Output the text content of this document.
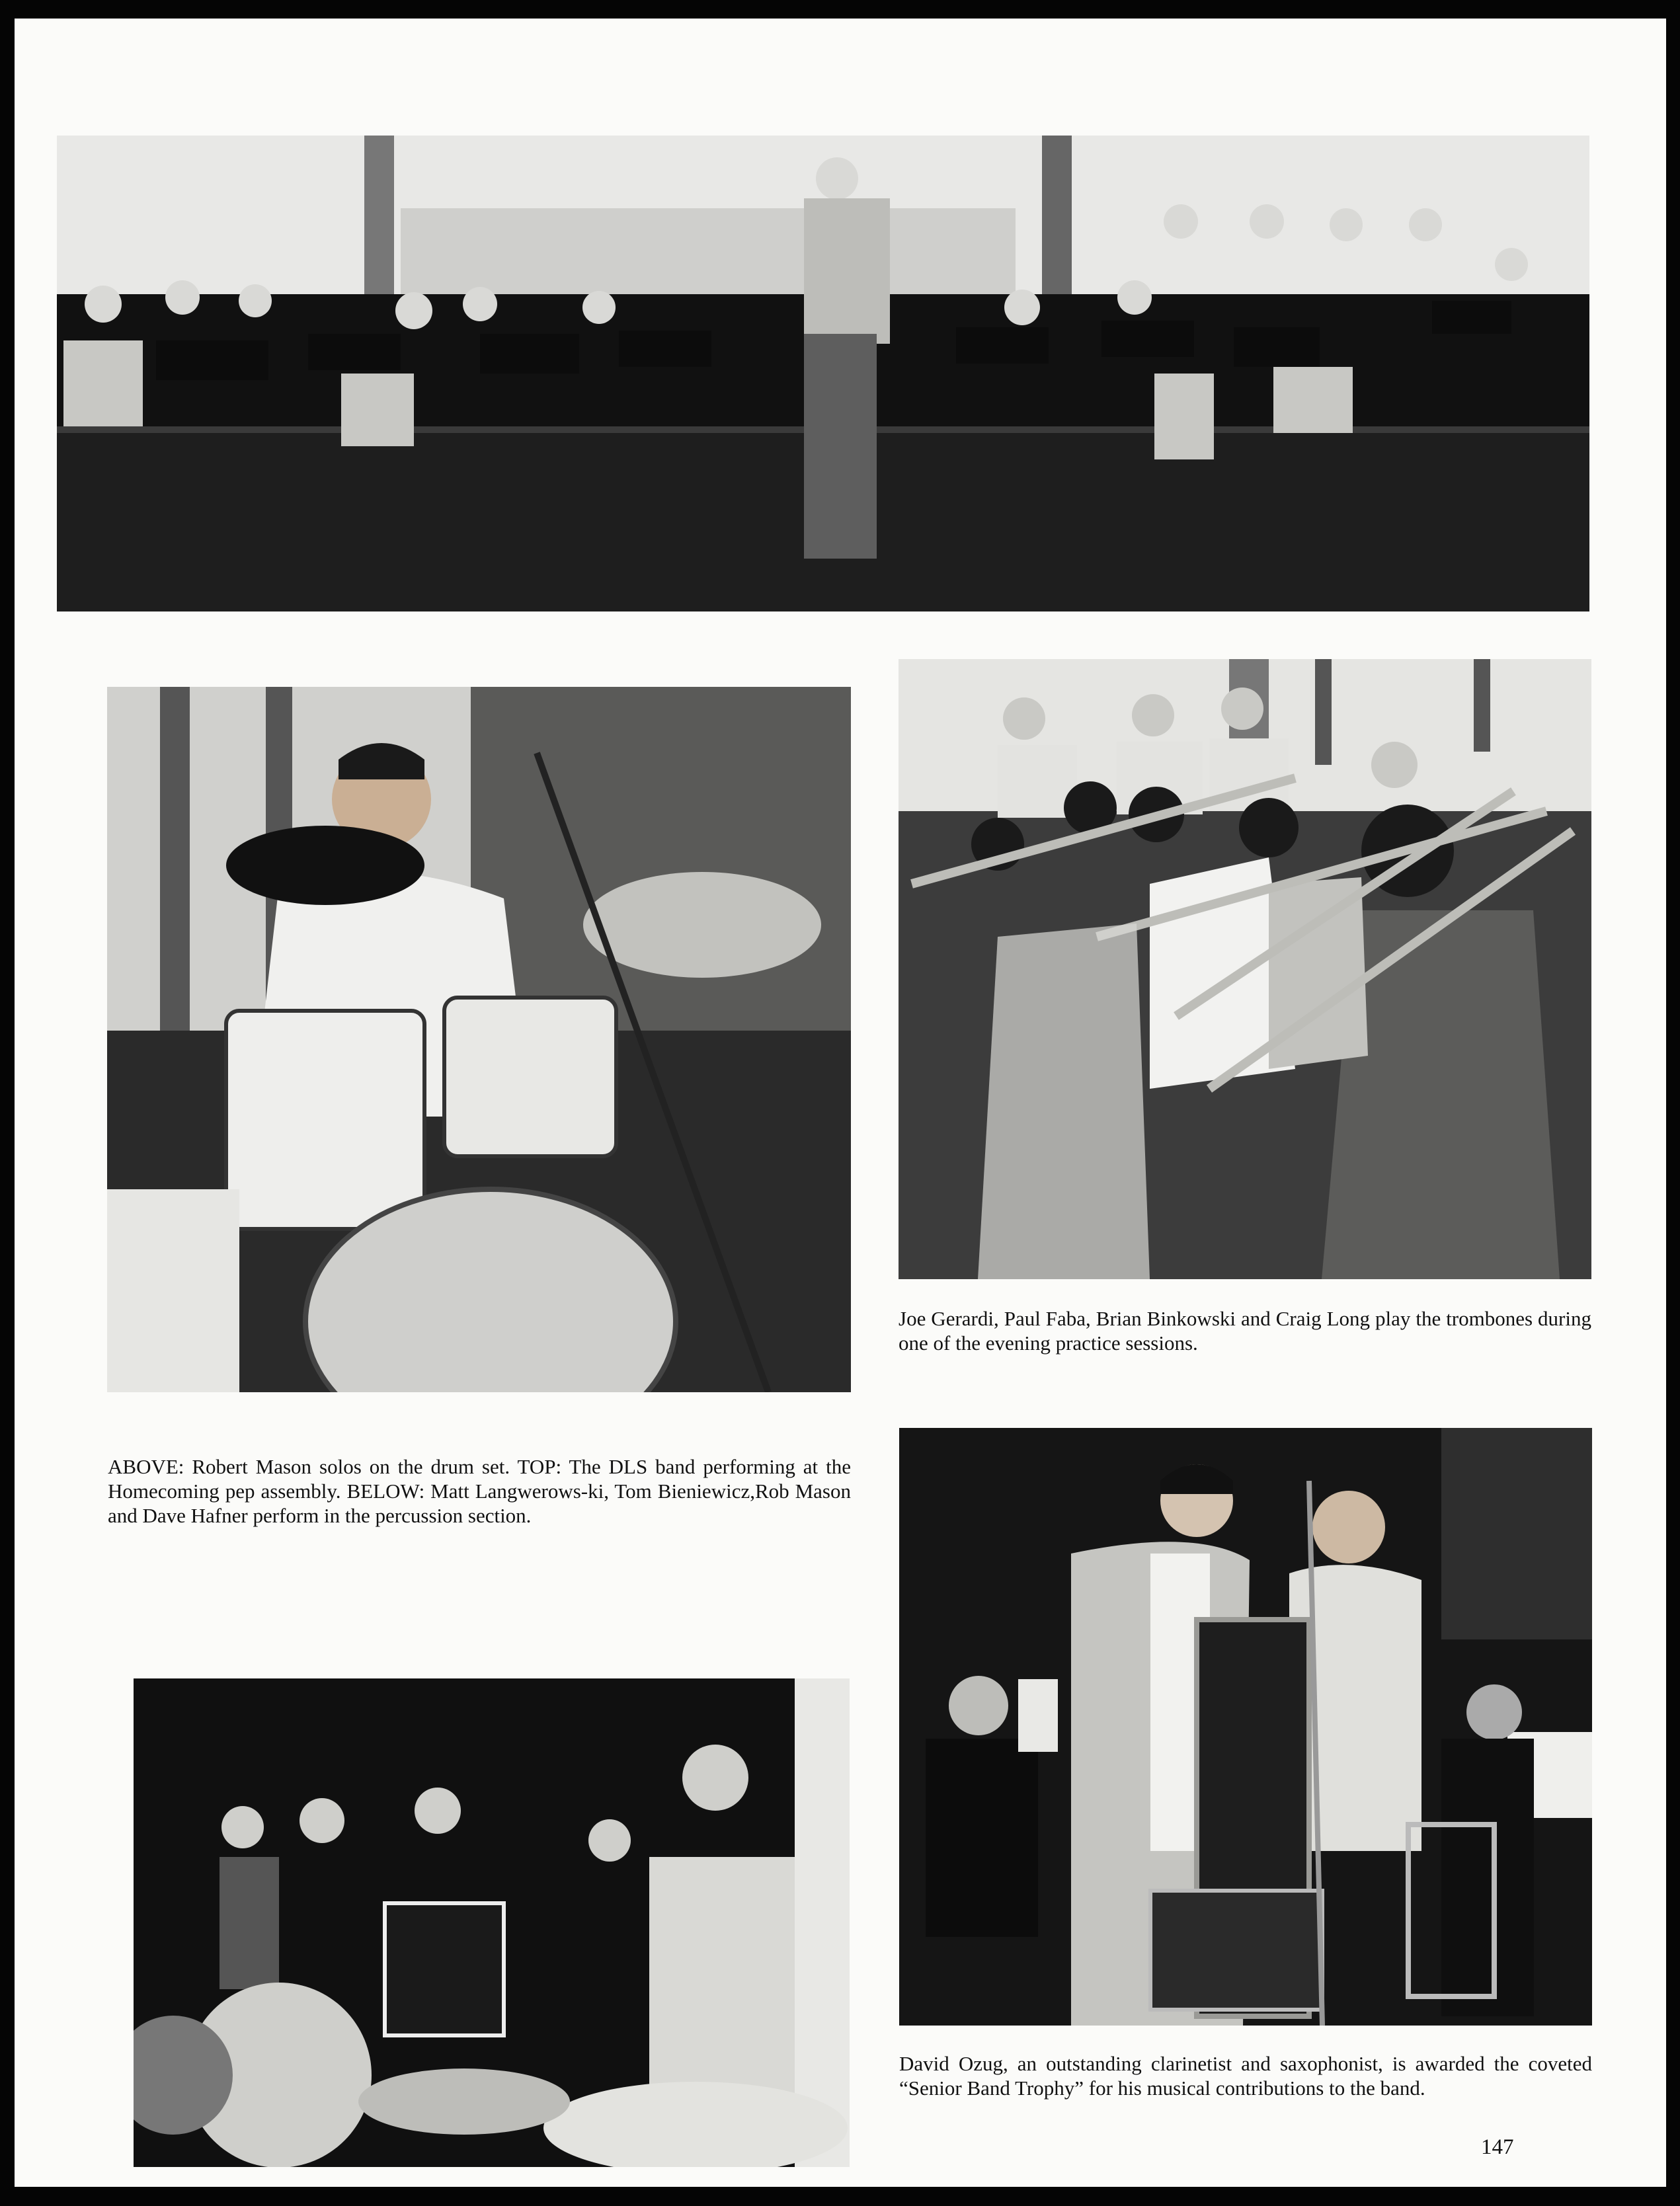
ABOVE: Robert Mason solos on the drum set. TOP: The DLS band performing at the Homecoming pep assembly. BELOW: Matt Langwerows-ki, Tom Bieniewicz,Rob Mason and Dave Hafner perform in the percussion section.

Joe Gerardi, Paul Faba, Brian Binkowski and Craig Long play the trombones during one of the evening practice sessions.

David Ozug, an outstanding clarinetist and saxophonist, is awarded the coveted “Senior Band Trophy” for his musical contributions to the band.

147
